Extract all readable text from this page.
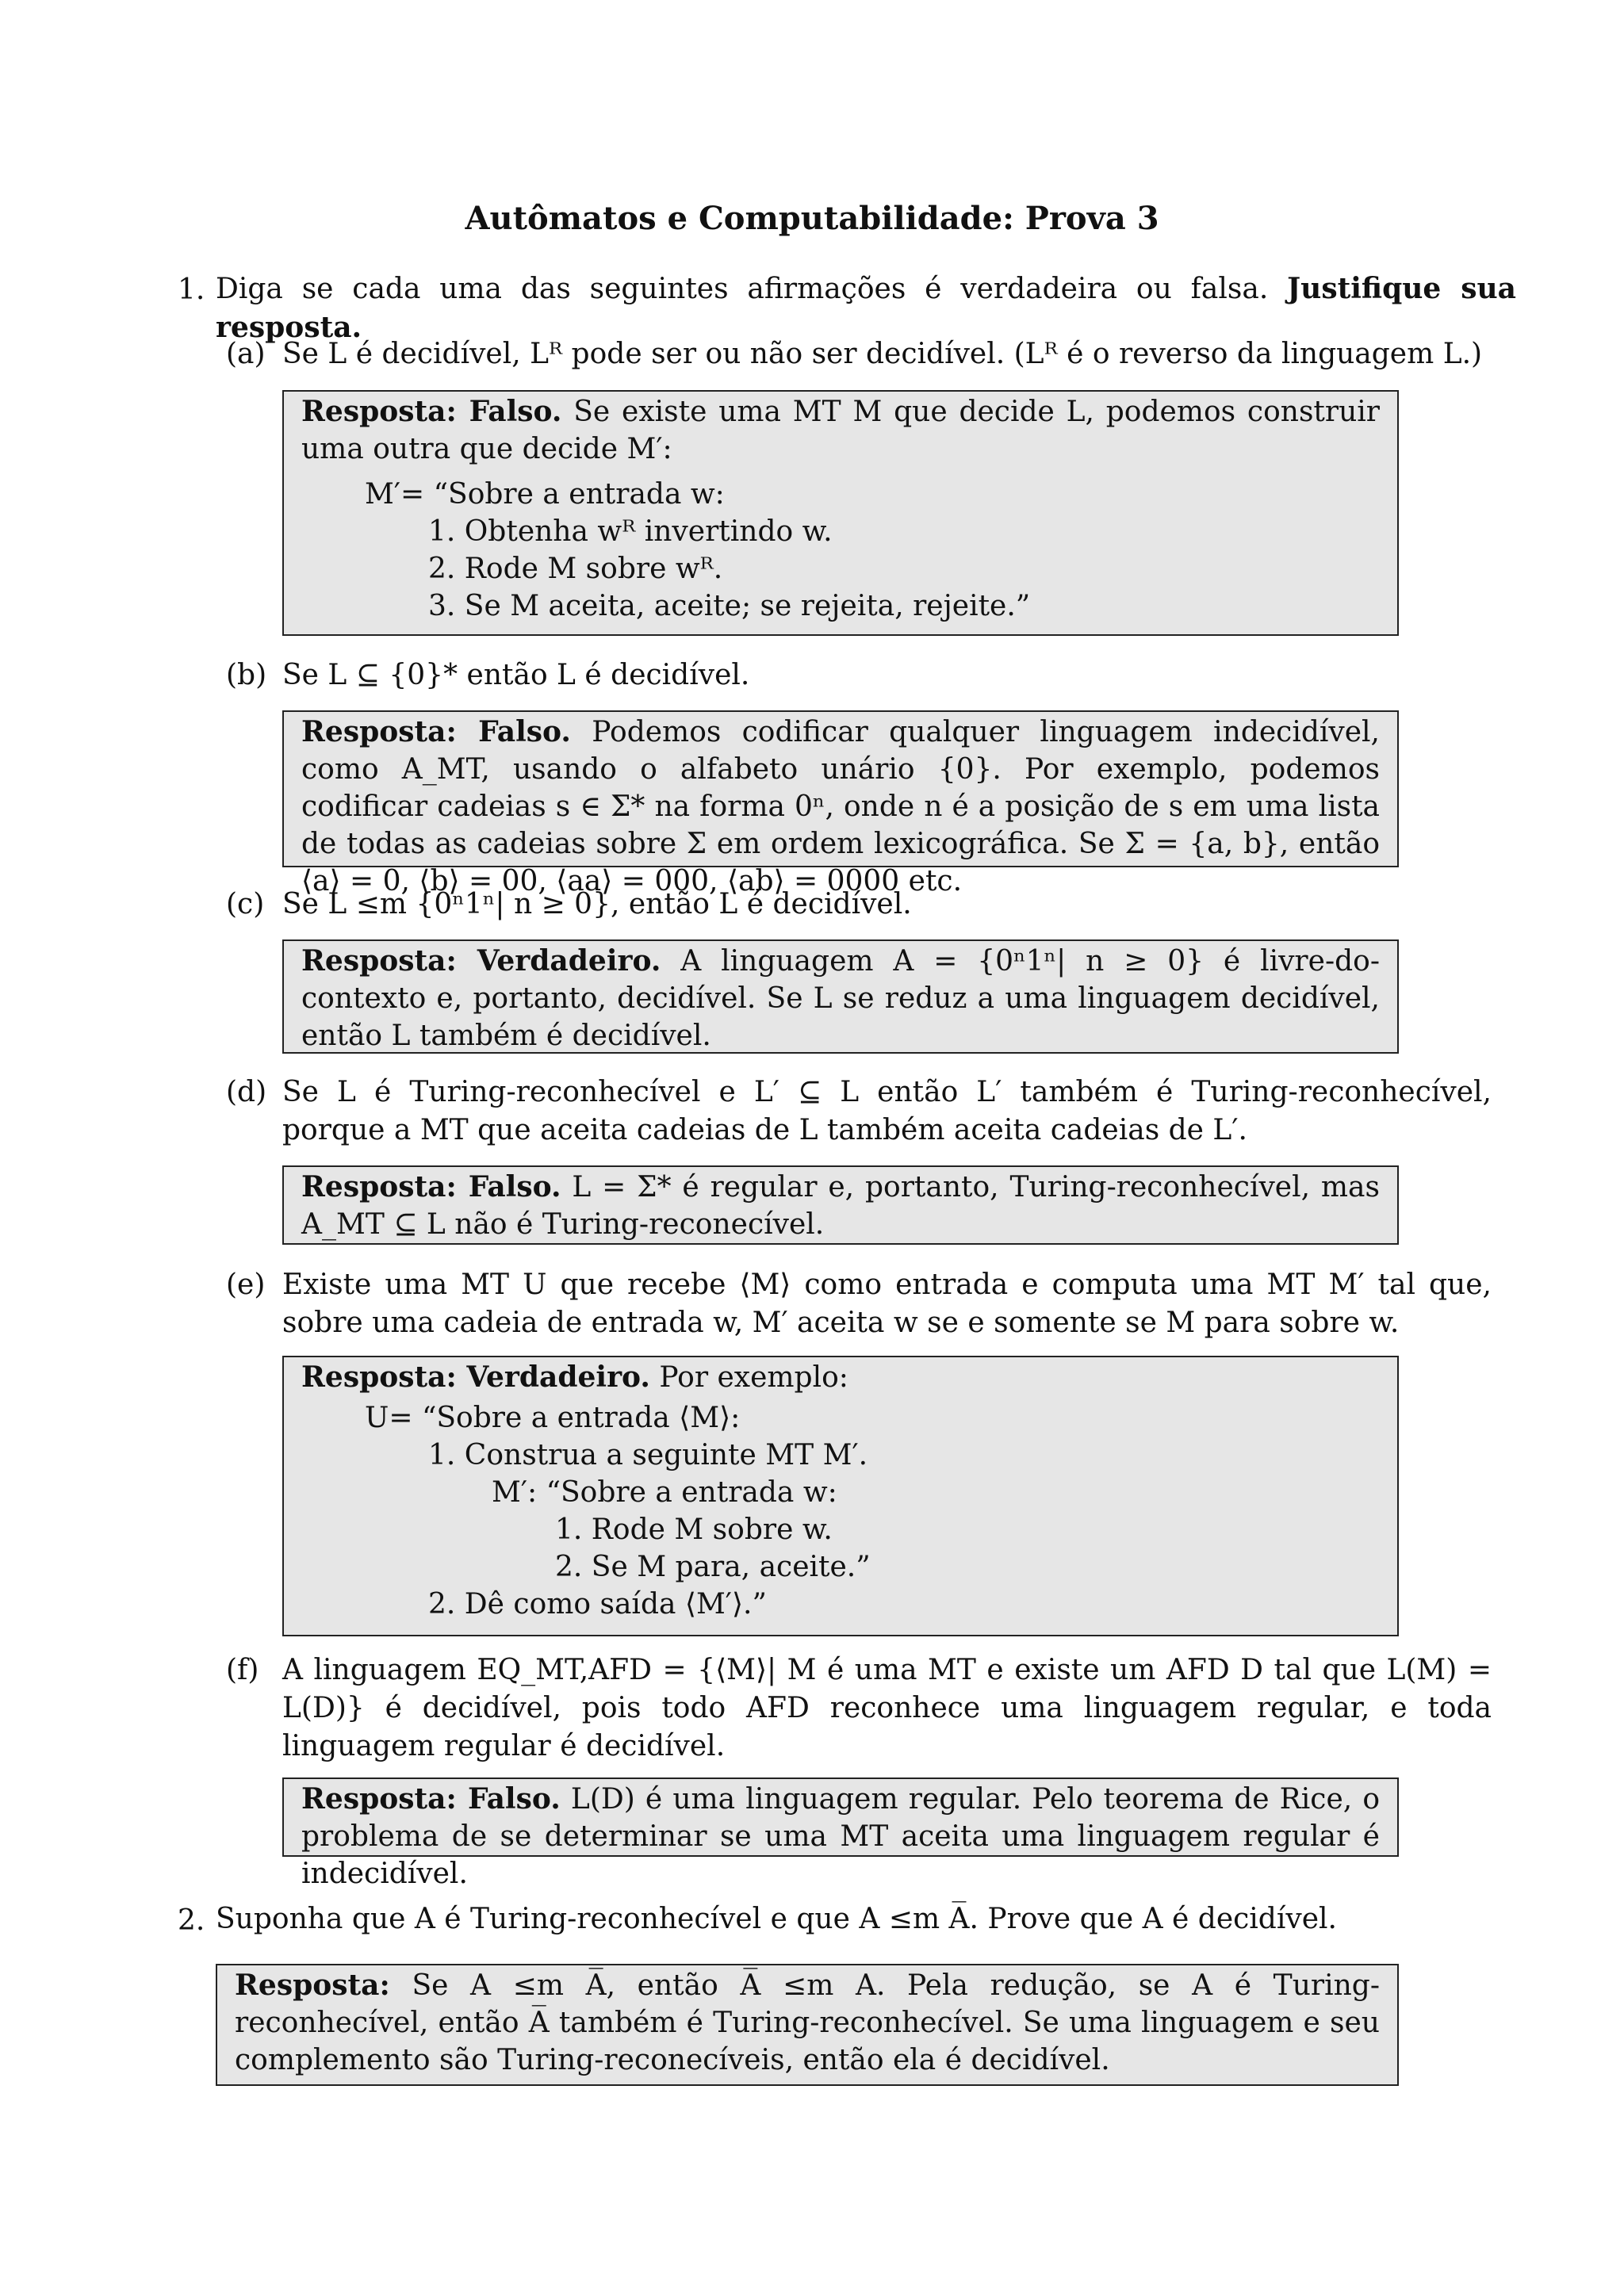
Autômatos e Computabilidade: Prova 3
1. Diga se cada uma das seguintes afirmações é verdadeira ou falsa. Justifique sua resposta.
(a) Se L é decidível, Lᴿ pode ser ou não ser decidível. (Lᴿ é o reverso da linguagem L.)
Resposta: Falso. Se existe uma MT M que decide L, podemos construir uma outra que decide M′:
M′= “Sobre a entrada w:
1. Obtenha wᴿ invertindo w.
2. Rode M sobre wᴿ.
3. Se M aceita, aceite; se rejeita, rejeite.”
(b) Se L ⊆ {0}* então L é decidível.
Resposta: Falso. Podemos codificar qualquer linguagem indecidível, como A_MT, usando o alfabeto unário {0}. Por exemplo, podemos codificar cadeias s ∈ Σ* na forma 0ⁿ, onde n é a posição de s em uma lista de todas as cadeias sobre Σ em ordem lexicográfica. Se Σ = {a, b}, então ⟨a⟩ = 0, ⟨b⟩ = 00, ⟨aa⟩ = 000, ⟨ab⟩ = 0000 etc.
(c) Se L ≤m {0ⁿ1ⁿ| n ≥ 0}, então L é decidível.
Resposta: Verdadeiro. A linguagem A = {0ⁿ1ⁿ| n ≥ 0} é livre-do-contexto e, portanto, decidível. Se L se reduz a uma linguagem decidível, então L também é decidível.
(d) Se L é Turing-reconhecível e L′ ⊆ L então L′ também é Turing-reconhecível, porque a MT que aceita cadeias de L também aceita cadeias de L′.
Resposta: Falso. L = Σ* é regular e, portanto, Turing-reconhecível, mas A_MT ⊆ L não é Turing-reconecível.
(e) Existe uma MT U que recebe ⟨M⟩ como entrada e computa uma MT M′ tal que, sobre uma cadeia de entrada w, M′ aceita w se e somente se M para sobre w.
Resposta: Verdadeiro. Por exemplo:
U= “Sobre a entrada ⟨M⟩:
1. Construa a seguinte MT M′.
M′: “Sobre a entrada w:
1. Rode M sobre w.
2. Se M para, aceite.”
2. Dê como saída ⟨M′⟩.”
(f) A linguagem EQ_MT,AFD = {⟨M⟩| M é uma MT e existe um AFD D tal que L(M) = L(D)} é decidível, pois todo AFD reconhece uma linguagem regular, e toda linguagem regular é decidível.
Resposta: Falso. L(D) é uma linguagem regular. Pelo teorema de Rice, o problema de se determinar se uma MT aceita uma linguagem regular é indecidível.
2. Suponha que A é Turing-reconhecível e que A ≤m A̅. Prove que A é decidível.
Resposta: Se A ≤m A̅, então A̅ ≤m A. Pela redução, se A é Turing-reconhecível, então A̅ também é Turing-reconhecível. Se uma linguagem e seu complemento são Turing-reconecíveis, então ela é decidível.
